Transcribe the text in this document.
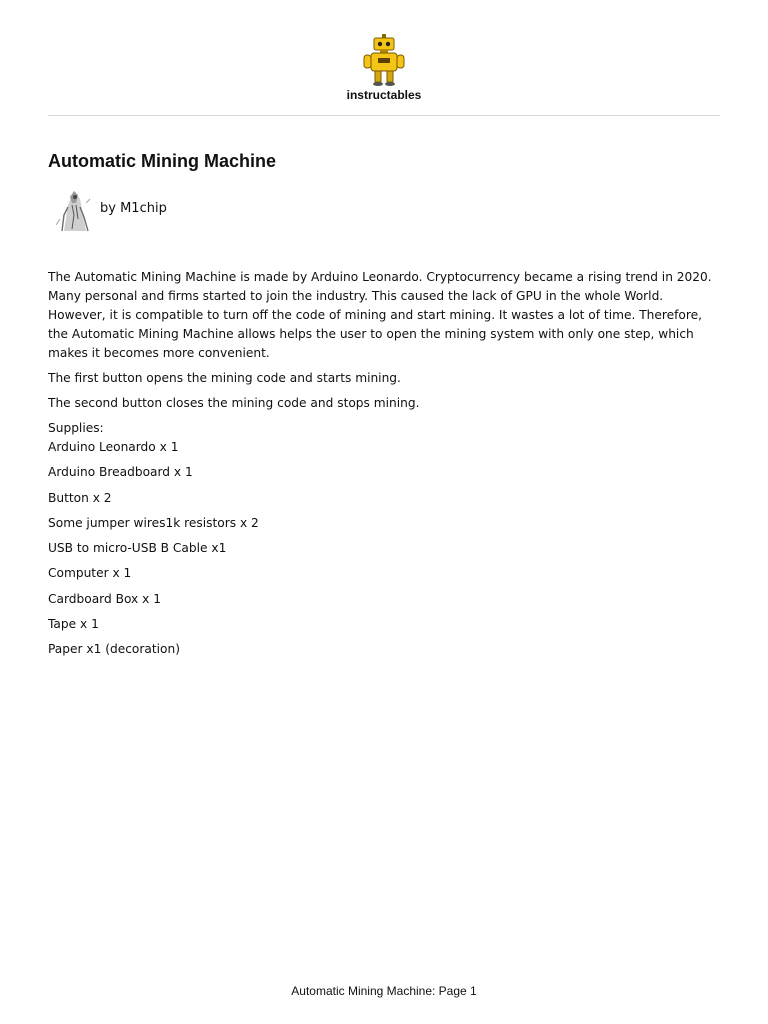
instructables
Automatic Mining Machine
by M1chip

The Automatic Mining Machine is made by Arduino Leonardo. Cryptocurrency became a rising trend in 2020. Many personal and firms started to join the industry. This caused the lack of GPU in the whole World. However, it is compatible to turn off the code of mining and start mining. It wastes a lot of time. Therefore, the Automatic Mining Machine allows helps the user to open the mining system with only one step, which makes it becomes more convenient.

The first button opens the mining code and starts mining.

The second button closes the mining code and stops mining.

Supplies:
Arduino Leonardo x 1
Arduino Breadboard x 1
Button x 2
Some jumper wires1k resistors x 2
USB to micro-USB B Cable x1
Computer x 1
Cardboard Box x 1
Tape x 1
Paper x1 (decoration)
Automatic Mining Machine: Page 1
